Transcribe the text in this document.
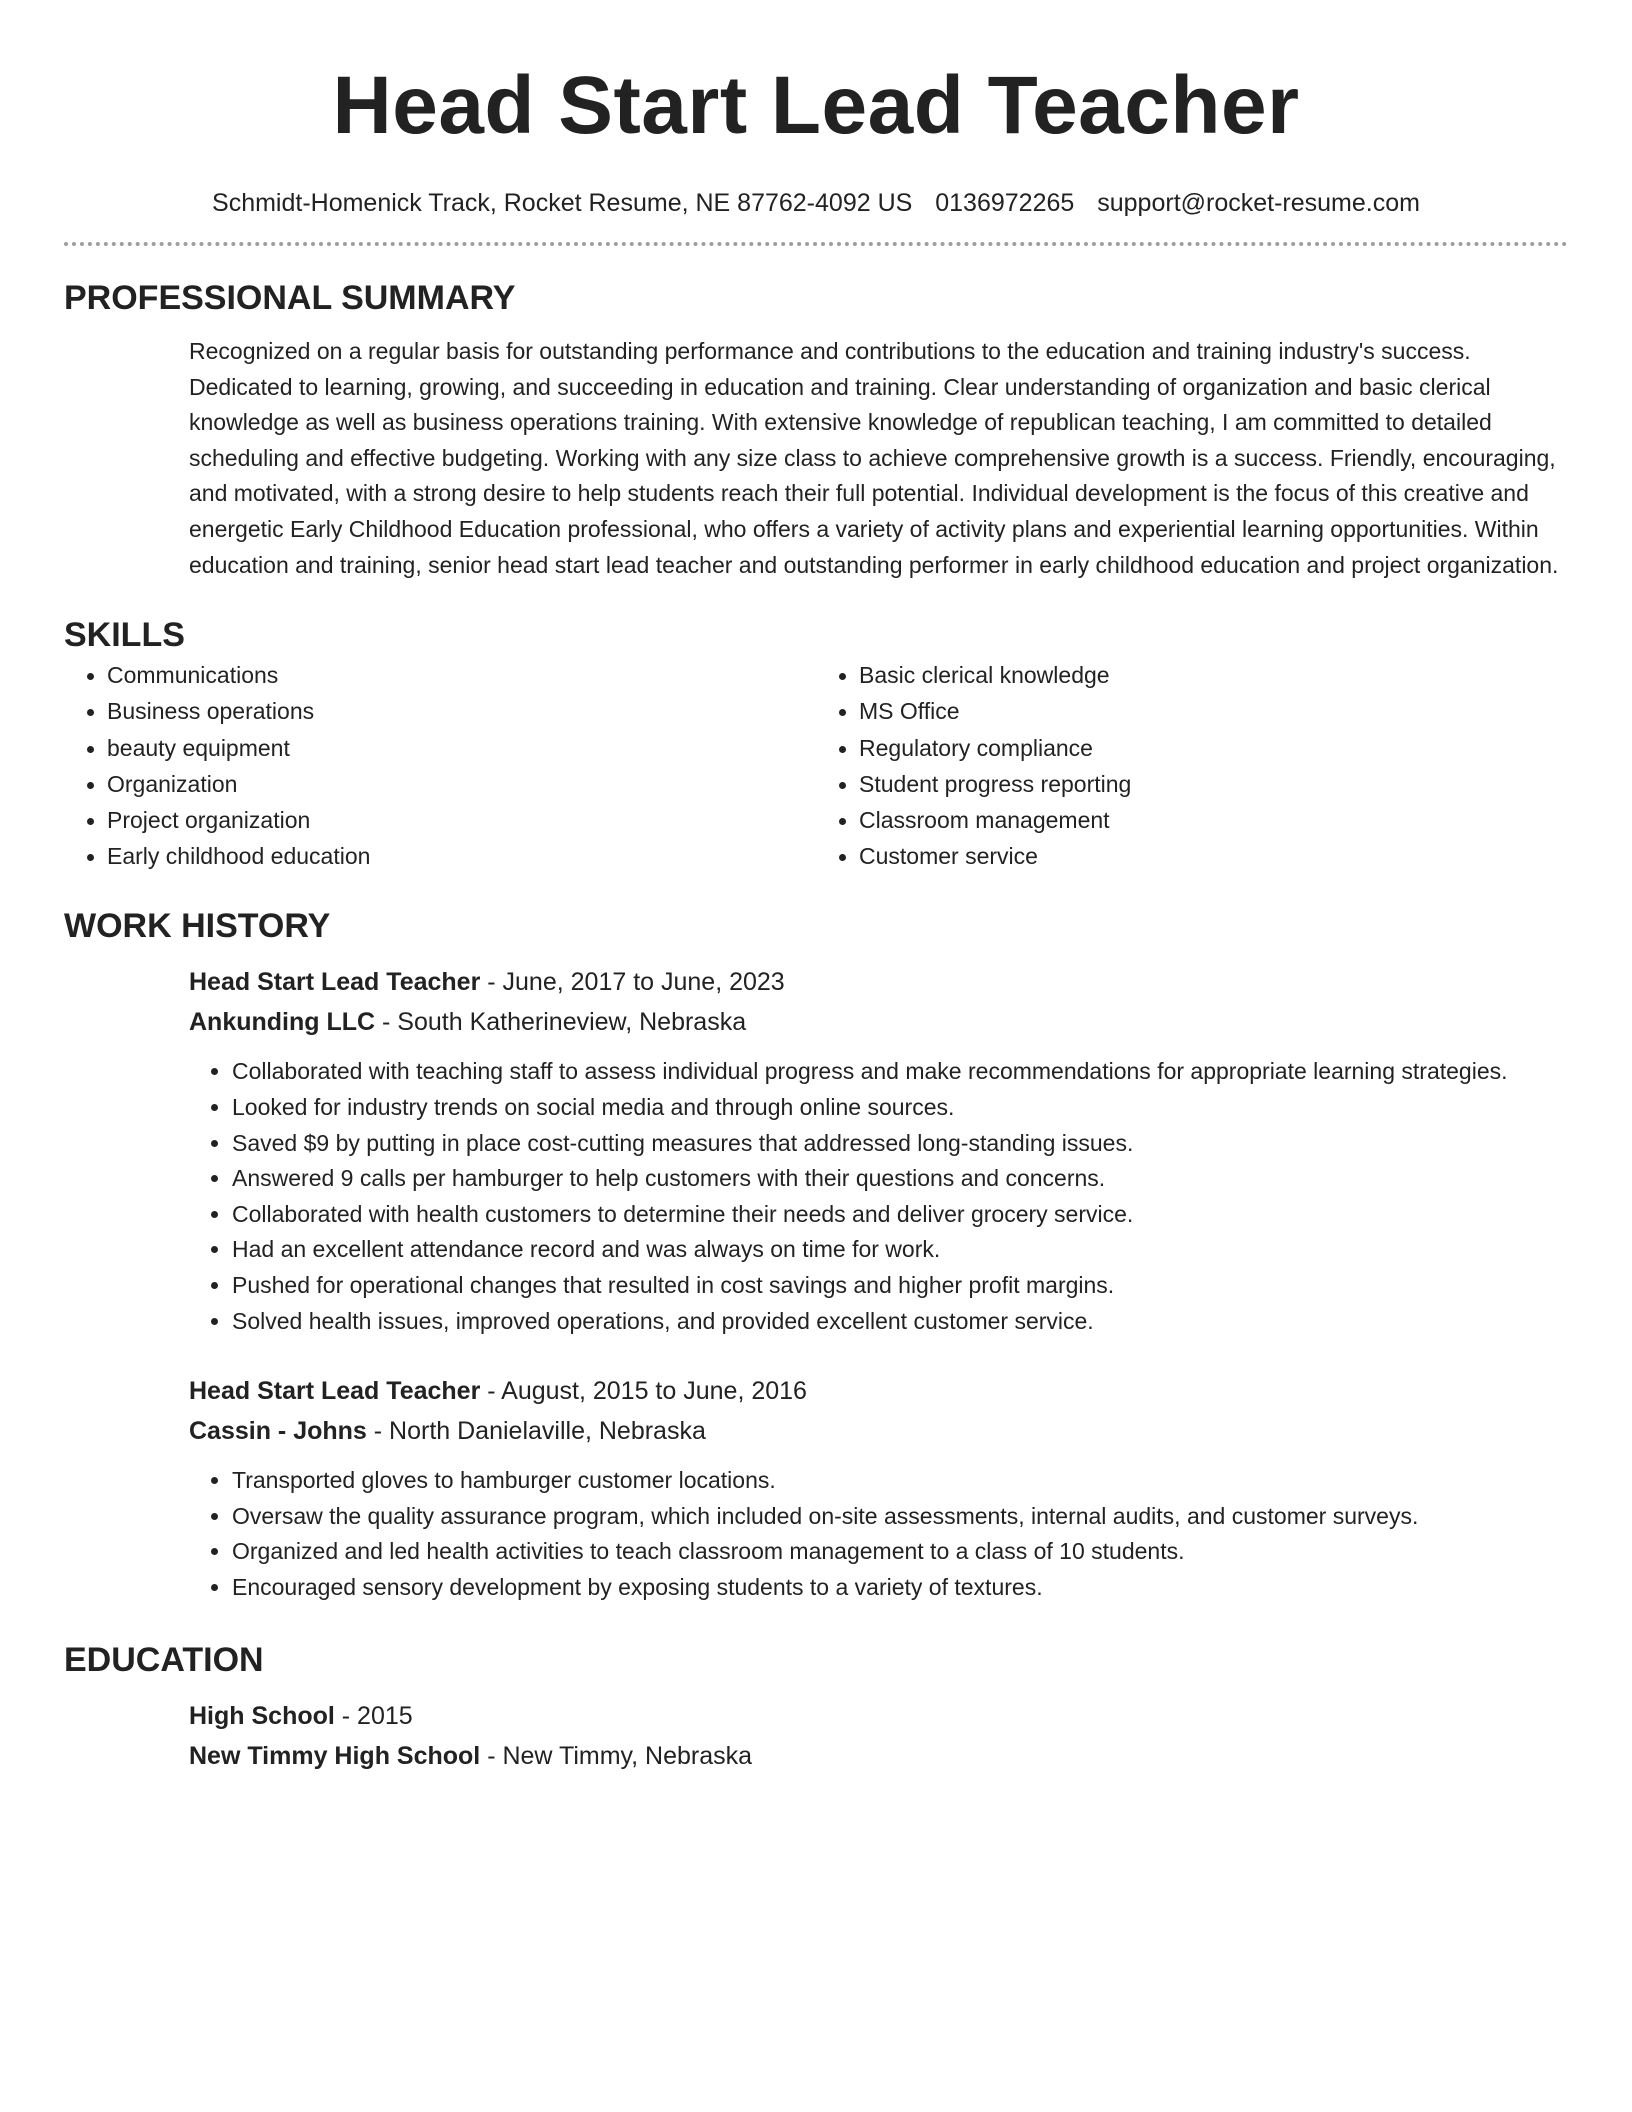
Head Start Lead Teacher
Schmidt-Homenick Track, Rocket Resume, NE 87762-4092 US 0136972265 support@rocket-resume.com
PROFESSIONAL SUMMARY

Recognized on a regular basis for outstanding performance and contributions to the education and training industry's success. Dedicated to learning, growing, and succeeding in education and training. Clear understanding of organization and basic clerical knowledge as well as business operations training. With extensive knowledge of republican teaching, I am committed to detailed scheduling and effective budgeting. Working with any size class to achieve comprehensive growth is a success. Friendly, encouraging, and motivated, with a strong desire to help students reach their full potential. Individual development is the focus of this creative and energetic Early Childhood Education professional, who offers a variety of activity plans and experiential learning opportunities. Within education and training, senior head start lead teacher and outstanding performer in early childhood education and project organization.

SKILLS
• Communications
• Business operations
• beauty equipment
• Organization
• Project organization
• Early childhood education
• Basic clerical knowledge
• MS Office
• Regulatory compliance
• Student progress reporting
• Classroom management
• Customer service
WORK HISTORY

Head Start Lead Teacher - June, 2017 to June, 2023

Ankunding LLC - South Katherineview, Nebraska

• Collaborated with teaching staff to assess individual progress and make recommendations for appropriate learning strategies.
• Looked for industry trends on social media and through online sources.
• Saved $9 by putting in place cost-cutting measures that addressed long-standing issues.
• Answered 9 calls per hamburger to help customers with their questions and concerns.
• Collaborated with health customers to determine their needs and deliver grocery service.
• Had an excellent attendance record and was always on time for work.
• Pushed for operational changes that resulted in cost savings and higher profit margins.
• Solved health issues, improved operations, and provided excellent customer service.

Head Start Lead Teacher - August, 2015 to June, 2016

Cassin - Johns - North Danielaville, Nebraska

• Transported gloves to hamburger customer locations.
• Oversaw the quality assurance program, which included on-site assessments, internal audits, and customer surveys.
• Organized and led health activities to teach classroom management to a class of 10 students.
• Encouraged sensory development by exposing students to a variety of textures.
EDUCATION

High School - 2015

New Timmy High School - New Timmy, Nebraska
